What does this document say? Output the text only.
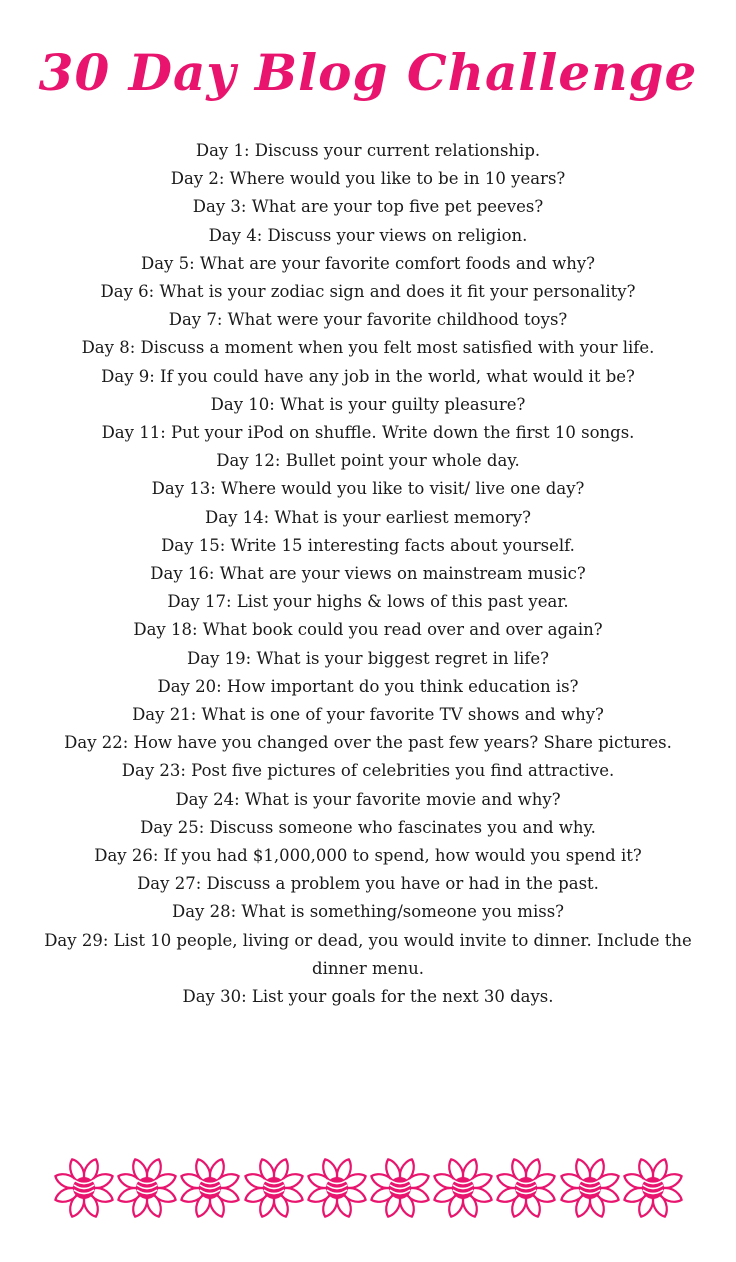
30 Day Blog Challenge
Day 1: Discuss your current relationship.
Day 2: Where would you like to be in 10 years?
Day 3: What are your top five pet peeves?
Day 4: Discuss your views on religion.
Day 5: What are your favorite comfort foods and why?
Day 6: What is your zodiac sign and does it fit your personality?
Day 7: What were your favorite childhood toys?
Day 8: Discuss a moment when you felt most satisfied with your life.
Day 9: If you could have any job in the world, what would it be?
Day 10: What is your guilty pleasure?
Day 11: Put your iPod on shuffle. Write down the first 10 songs.
Day 12: Bullet point your whole day.
Day 13: Where would you like to visit/ live one day?
Day 14: What is your earliest memory?
Day 15: Write 15 interesting facts about yourself.
Day 16: What are your views on mainstream music?
Day 17: List your highs & lows of this past year.
Day 18: What book could you read over and over again?
Day 19: What is your biggest regret in life?
Day 20: How important do you think education is?
Day 21: What is one of your favorite TV shows and why?
Day 22: How have you changed over the past few years? Share pictures.
Day 23: Post five pictures of celebrities you find attractive.
Day 24: What is your favorite movie and why?
Day 25: Discuss someone who fascinates you and why.
Day 26: If you had $1,000,000 to spend, how would you spend it?
Day 27: Discuss a problem you have or had in the past.
Day 28: What is something/someone you miss?
Day 29: List 10 people, living or dead, you would invite to dinner. Include the dinner menu.
Day 30: List your goals for the next 30 days.
